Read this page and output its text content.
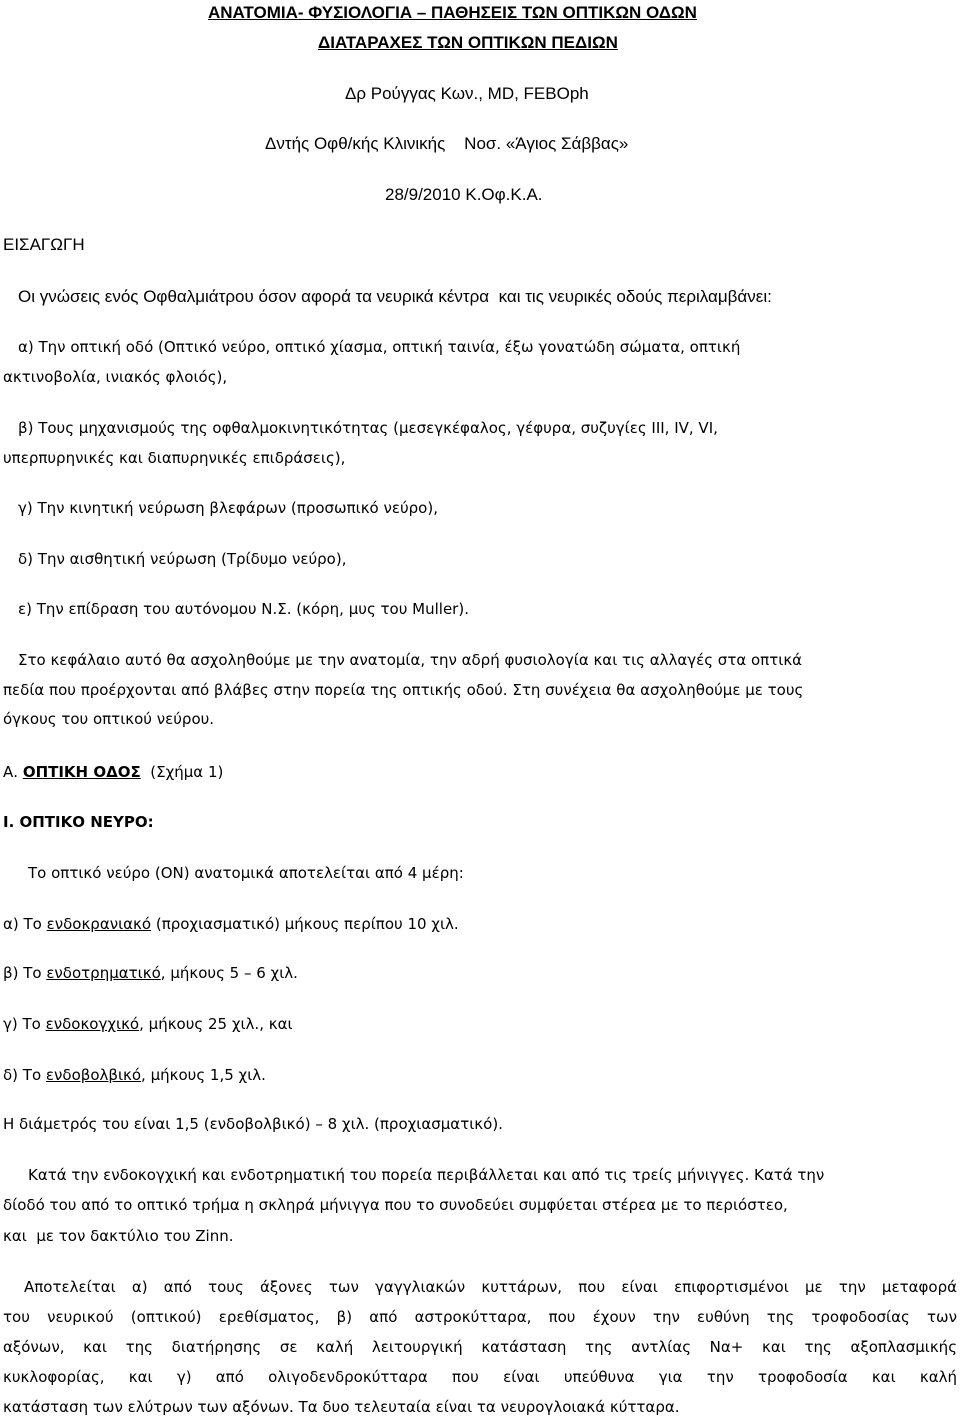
ΑΝΑΤΟΜΙΑ- ΦΥΣΙΟΛΟΓΙΑ – ΠΑΘΗΣΕΙΣ ΤΩΝ ΟΠΤΙΚΩΝ ΟΔΩΝ
ΔΙΑΤΑΡΑΧΕΣ ΤΩΝ ΟΠΤΙΚΩΝ ΠΕΔΙΩΝ
Δρ Ρούγγας Κων., MD, FEBOph
Δντής Οφθ/κής Κλινικής    Νοσ. «Άγιος Σάββας»
28/9/2010 Κ.Οφ.Κ.Α.
ΕΙΣΑΓΩΓΗ
Οι γνώσεις ενός Οφθαλμιάτρου όσον αφορά τα νευρικά κέντρα  και τις νευρικές οδούς περιλαμβάνει:
α) Την οπτική οδό (Οπτικό νεύρο, οπτικό χίασμα, οπτική ταινία, έξω γονατώδη σώματα, οπτική
ακτινοβολία, ινιακός φλοιός),
β) Τους μηχανισμούς της οφθαλμοκινητικότητας (μεσεγκέφαλος, γέφυρα, συζυγίες ΙΙΙ, ΙV, VI,
υπερπυρηνικές και διαπυρηνικές επιδράσεις),
γ) Την κινητική νεύρωση βλεφάρων (προσωπικό νεύρο),
δ) Την αισθητική νεύρωση (Τρίδυμο νεύρο),
ε) Την επίδραση του αυτόνομου Ν.Σ. (κόρη, μυς του Muller).
Στο κεφάλαιο αυτό θα ασχοληθούμε με την ανατομία, την αδρή φυσιολογία και τις αλλαγές στα οπτικά
πεδία που προέρχονται από βλάβες στην πορεία της οπτικής οδού. Στη συνέχεια θα ασχοληθούμε με τους
όγκους του οπτικού νεύρου.
Α. ΟΠΤΙΚΗ ΟΔΟΣ  (Σχήμα 1)
Ι. ΟΠΤΙΚΟ ΝΕΥΡΟ:
Το οπτικό νεύρο (ΟΝ) ανατομικά αποτελείται από 4 μέρη:
α) Το ενδοκρανιακό (προχιασματικό) μήκους περίπου 10 χιλ.
β) Το ενδοτρηματικό, μήκους 5 – 6 χιλ.
γ) Το ενδοκογχικό, μήκους 25 χιλ., και
δ) Το ενδοβολβικό, μήκους 1,5 χιλ.
Η διάμετρός του είναι 1,5 (ενδοβολβικό) – 8 χιλ. (προχιασματικό).
Κατά την ενδοκογχική και ενδοτρηματική του πορεία περιβάλλεται και από τις τρείς μήνιγγες. Κατά την
δίοδό του από το οπτικό τρήμα η σκληρά μήνιγγα που το συνοδεύει συμφύεται στέρεα με το περιόστεο,
και  με τον δακτύλιο του Zinn.
Αποτελείται α) από τους άξονες των γαγγλιακών κυττάρων, που είναι επιφορτισμένοι με την μεταφορά
του νευρικού (οπτικού) ερεθίσματος, β) από αστροκύτταρα, που έχουν την ευθύνη της τροφοδοσίας των
αξόνων, και της διατήρησης σε καλή λειτουργική κατάσταση της αντλίας Να+ και της αξοπλασμικής
κυκλοφορίας, και γ) από ολιγοδενδροκύτταρα που είναι υπεύθυνα για την τροφοδοσία και καλή
κατάσταση των ελύτρων των αξόνων. Τα δυο τελευταία είναι τα νευρογλοιακά κύτταρα.
